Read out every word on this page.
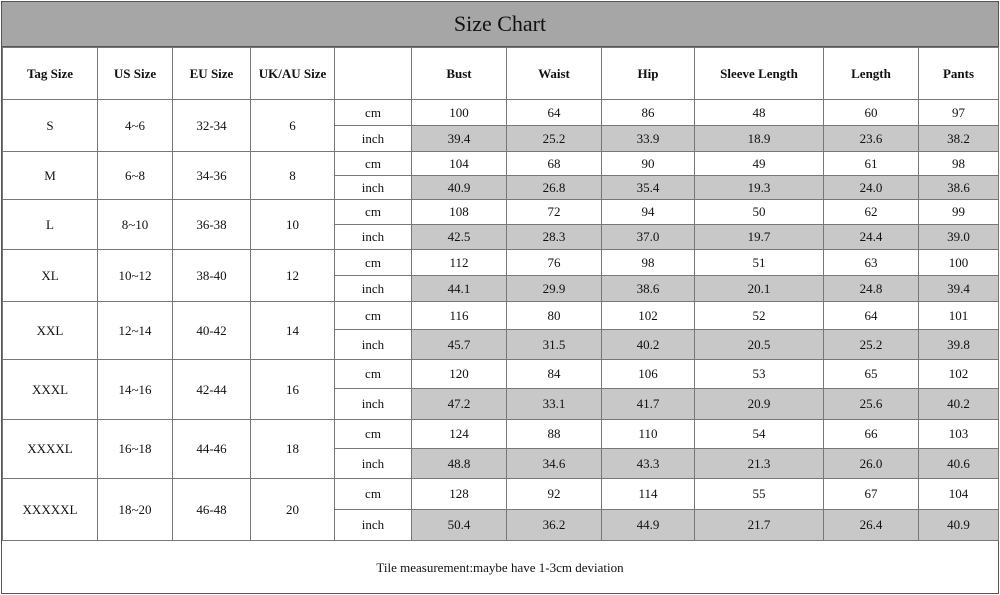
Size Chart
Tag Size	US Size	EU Size	UK/AU Size		Bust	Waist	Hip	Sleeve Length	Length	Pants
S	4~6	32-34	6	cm	100	64	86	48	60	97
				inch	39.4	25.2	33.9	18.9	23.6	38.2
M	6~8	34-36	8	cm	104	68	90	49	61	98
				inch	40.9	26.8	35.4	19.3	24.0	38.6
L	8~10	36-38	10	cm	108	72	94	50	62	99
				inch	42.5	28.3	37.0	19.7	24.4	39.0
XL	10~12	38-40	12	cm	112	76	98	51	63	100
				inch	44.1	29.9	38.6	20.1	24.8	39.4
XXL	12~14	40-42	14	cm	116	80	102	52	64	101
				inch	45.7	31.5	40.2	20.5	25.2	39.8
XXXL	14~16	42-44	16	cm	120	84	106	53	65	102
				inch	47.2	33.1	41.7	20.9	25.6	40.2
XXXXL	16~18	44-46	18	cm	124	88	110	54	66	103
				inch	48.8	34.6	43.3	21.3	26.0	40.6
XXXXXL	18~20	46-48	20	cm	128	92	114	55	67	104
				inch	50.4	36.2	44.9	21.7	26.4	40.9
Tile measurement:maybe have 1-3cm deviation
